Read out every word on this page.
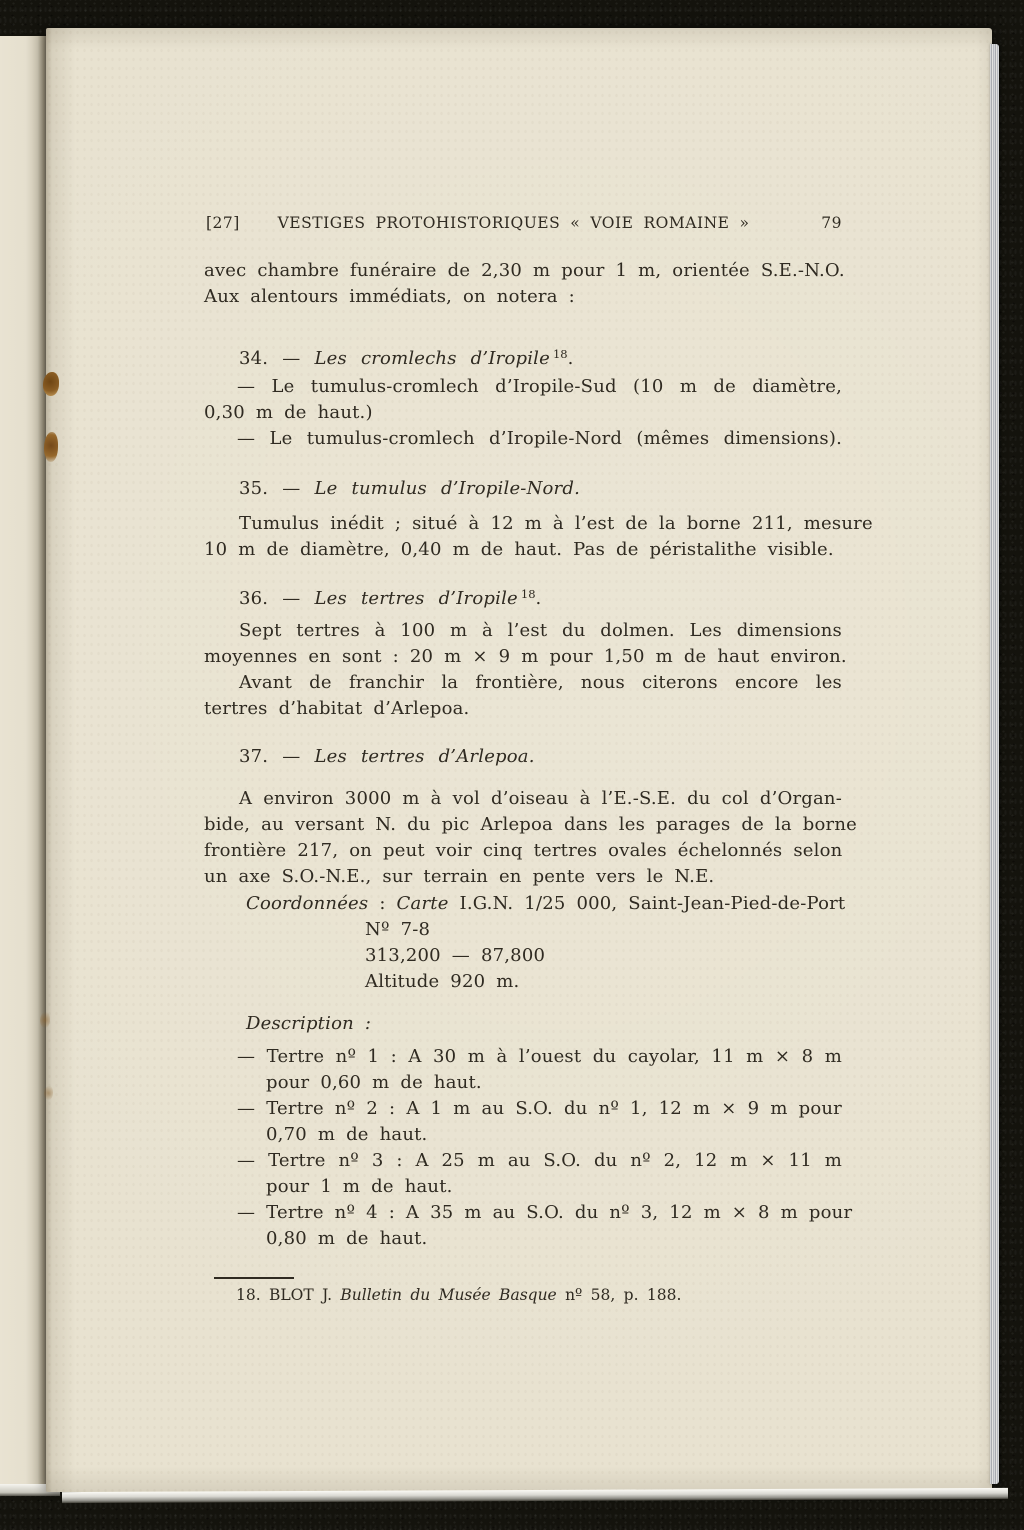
[27] VESTIGES PROTOHISTORIQUES « VOIE ROMAINE »	79
avec chambre funéraire de 2,30 m pour 1 m, orientée S.E.-N.O.
Aux alentours immédiats, on notera :
34. — Les cromlechs d’Iropile $^{18}$.
— Le tumulus-cromlech d’Iropile-Sud (10 m de diamètre,
0,30 m de haut.)
— Le tumulus-cromlech d’Iropile-Nord (mêmes dimensions).
35. — Le tumulus d’Iropile-Nord.
Tumulus inédit ; situé à 12 m à l’est de la borne 211, mesure
10 m de diamètre, 0,40 m de haut. Pas de péristalithe visible.
36. — Les tertres d’Iropile $^{18}$.
Sept tertres à 100 m à l’est du dolmen. Les dimensions
moyennes en sont : 20 m × 9 m pour 1,50 m de haut environ.
Avant de franchir la frontière, nous citerons encore les
tertres d’habitat d’Arlepoa.
37. — Les tertres d’Arlepoa.
A environ 3000 m à vol d’oiseau à l’E.-S.E. du col d’Organ-
bide, au versant N. du pic Arlepoa dans les parages de la borne
frontière 217, on peut voir cinq tertres ovales échelonnés selon
un axe S.O.-N.E., sur terrain en pente vers le N.E.
Coordonnées : Carte I.G.N. 1/25 000, Saint-Jean-Pied-de-Port
Nº 7-8
313,200 — 87,800
Altitude 920 m.
Description :
— Tertre nº 1 : A 30 m à l’ouest du cayolar, 11 m × 8 m
pour 0,60 m de haut.
— Tertre nº 2 : A 1 m au S.O. du nº 1, 12 m × 9 m pour
0,70 m de haut.
— Tertre nº 3 : A 25 m au S.O. du nº 2, 12 m × 11 m
pour 1 m de haut.
— Tertre nº 4 : A 35 m au S.O. du nº 3, 12 m × 8 m pour
0,80 m de haut.
18. BLOT J. Bulletin du Musée Basque nº 58, p. 188.
